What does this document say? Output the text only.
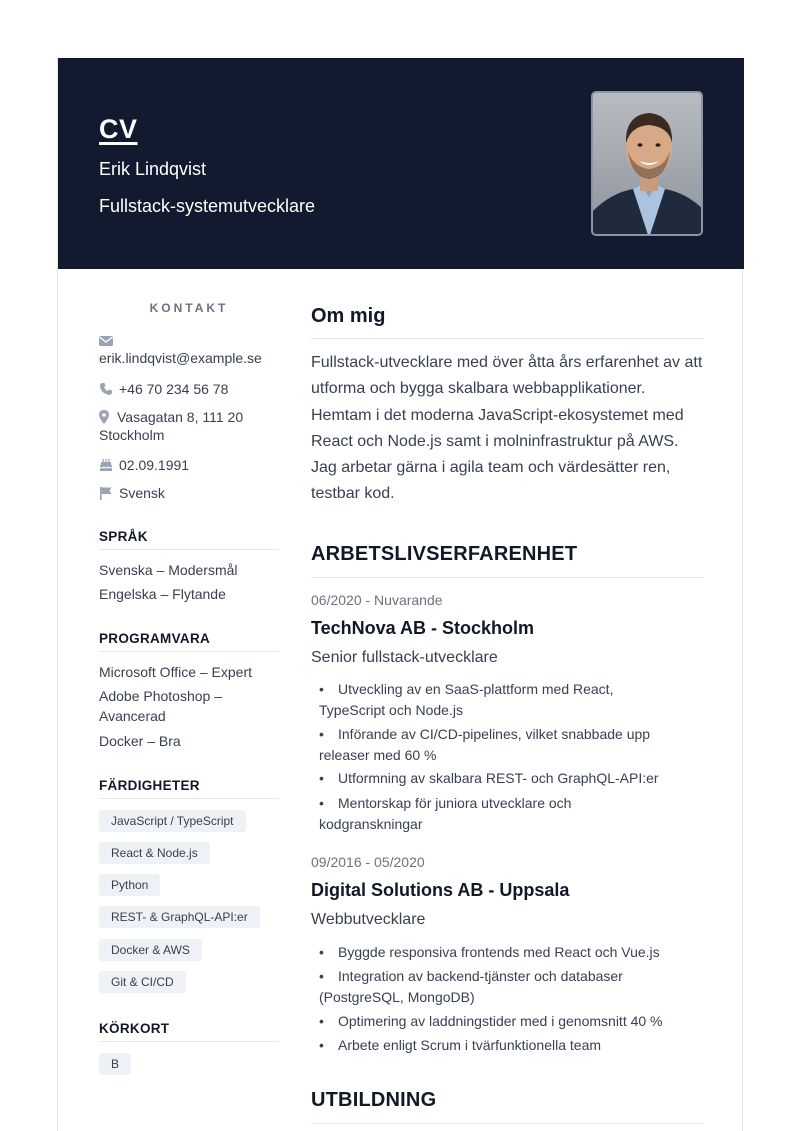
CV
Erik Lindqvist
Fullstack-systemutvecklare
KONTAKT
erik.lindqvist@example.se
+46 70 234 56 78
Vasagatan 8, 111 20
Stockholm
02.09.1991
Svensk
SPRÅK
Svenska – Modersmål
Engelska – Flytande
PROGRAMVARA
Microsoft Office – Expert
Adobe Photoshop –
Avancerad
Docker – Bra
FÄRDIGHETER
JavaScript / TypeScript
React & Node.js
Python
REST- & GraphQL-API:er
Docker & AWS
Git & CI/CD
KÖRKORT
B
Om mig
Fullstack-utvecklare med över åtta års erfarenhet av att utforma och bygga skalbara webbapplikationer. Hemtam i det moderna JavaScript-ekosystemet med React och Node.js samt i molninfrastruktur på AWS. Jag arbetar gärna i agila team och värdesätter ren, testbar kod.
ARBETSLIVSERFARENHET
06/2020 - Nuvarande
TechNova AB - Stockholm
Senior fullstack-utvecklare
• Utveckling av en SaaS-plattform med React,
TypeScript och Node.js
• Införande av CI/CD-pipelines, vilket snabbade upp
releaser med 60 %
• Utformning av skalbara REST- och GraphQL-API:er
• Mentorskap för juniora utvecklare och
kodgranskningar
09/2016 - 05/2020
Digital Solutions AB - Uppsala
Webbutvecklare
• Byggde responsiva frontends med React och Vue.js
• Integration av backend-tjänster och databaser
(PostgreSQL, MongoDB)
• Optimering av laddningstider med i genomsnitt 40 %
• Arbete enligt Scrum i tvärfunktionella team
UTBILDNING
